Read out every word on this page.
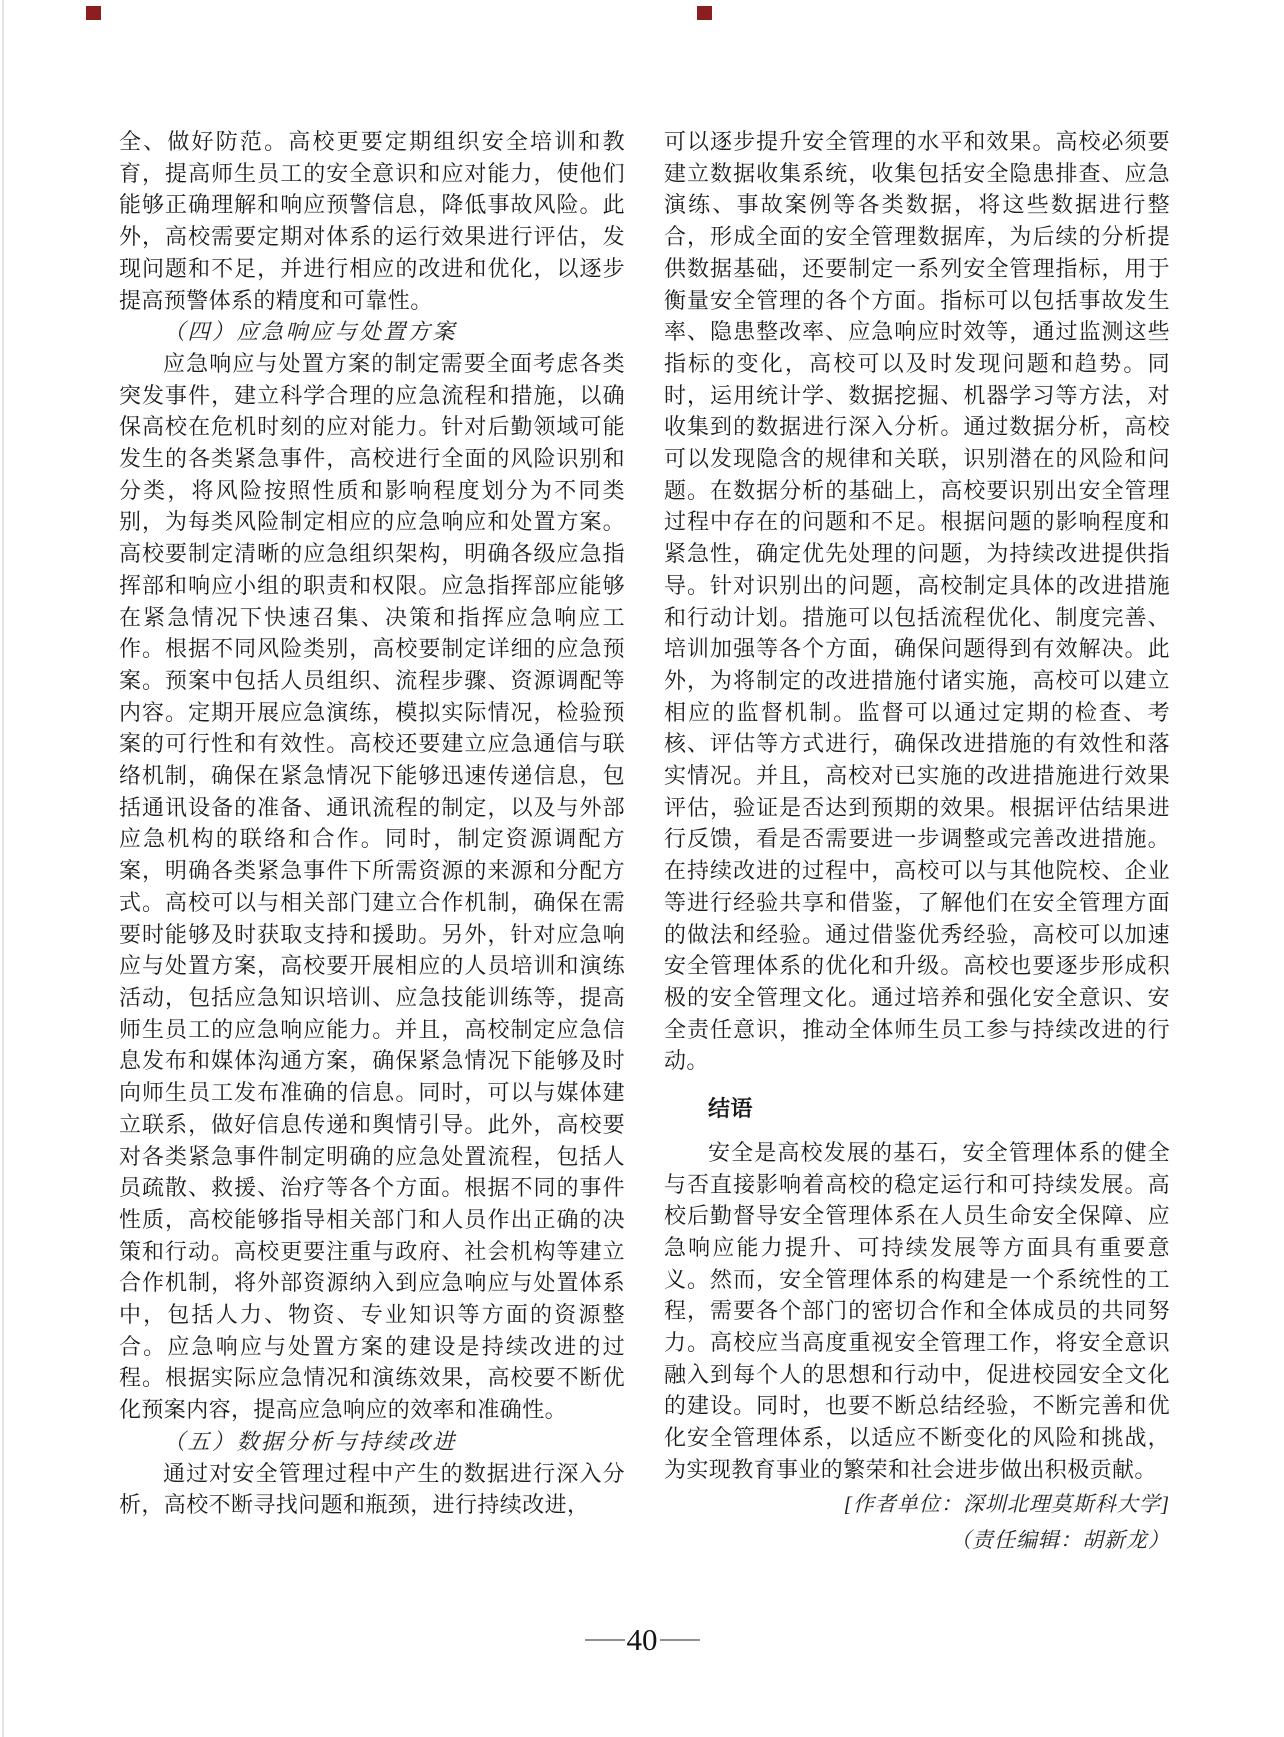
全、做好防范。高校更要定期组织安全培训和教育，提高师生员工的安全意识和应对能力，使他们能够正确理解和响应预警信息，降低事故风险。此外，高校需要定期对体系的运行效果进行评估，发现问题和不足，并进行相应的改进和优化，以逐步提高预警体系的精度和可靠性。

（四）应急响应与处置方案

应急响应与处置方案的制定需要全面考虑各类突发事件，建立科学合理的应急流程和措施，以确保高校在危机时刻的应对能力。针对后勤领域可能发生的各类紧急事件，高校进行全面的风险识别和分类，将风险按照性质和影响程度划分为不同类别，为每类风险制定相应的应急响应和处置方案。高校要制定清晰的应急组织架构，明确各级应急指挥部和响应小组的职责和权限。应急指挥部应能够在紧急情况下快速召集、决策和指挥应急响应工作。根据不同风险类别，高校要制定详细的应急预案。预案中包括人员组织、流程步骤、资源调配等内容。定期开展应急演练，模拟实际情况，检验预案的可行性和有效性。高校还要建立应急通信与联络机制，确保在紧急情况下能够迅速传递信息，包括通讯设备的准备、通讯流程的制定，以及与外部应急机构的联络和合作。同时，制定资源调配方案，明确各类紧急事件下所需资源的来源和分配方式。高校可以与相关部门建立合作机制，确保在需要时能够及时获取支持和援助。另外，针对应急响应与处置方案，高校要开展相应的人员培训和演练活动，包括应急知识培训、应急技能训练等，提高师生员工的应急响应能力。并且，高校制定应急信息发布和媒体沟通方案，确保紧急情况下能够及时向师生员工发布准确的信息。同时，可以与媒体建立联系，做好信息传递和舆情引导。此外，高校要对各类紧急事件制定明确的应急处置流程，包括人员疏散、救援、治疗等各个方面。根据不同的事件性质，高校能够指导相关部门和人员作出正确的决策和行动。高校更要注重与政府、社会机构等建立合作机制，将外部资源纳入到应急响应与处置体系中，包括人力、物资、专业知识等方面的资源整合。应急响应与处置方案的建设是持续改进的过程。根据实际应急情况和演练效果，高校要不断优化预案内容，提高应急响应的效率和准确性。

（五）数据分析与持续改进

通过对安全管理过程中产生的数据进行深入分析，高校不断寻找问题和瓶颈，进行持续改进，

可以逐步提升安全管理的水平和效果。高校必须要建立数据收集系统，收集包括安全隐患排查、应急演练、事故案例等各类数据，将这些数据进行整合，形成全面的安全管理数据库，为后续的分析提供数据基础，还要制定一系列安全管理指标，用于衡量安全管理的各个方面。指标可以包括事故发生率、隐患整改率、应急响应时效等，通过监测这些指标的变化，高校可以及时发现问题和趋势。同时，运用统计学、数据挖掘、机器学习等方法，对收集到的数据进行深入分析。通过数据分析，高校可以发现隐含的规律和关联，识别潜在的风险和问题。在数据分析的基础上，高校要识别出安全管理过程中存在的问题和不足。根据问题的影响程度和紧急性，确定优先处理的问题，为持续改进提供指导。针对识别出的问题，高校制定具体的改进措施和行动计划。措施可以包括流程优化、制度完善、培训加强等各个方面，确保问题得到有效解决。此外，为将制定的改进措施付诸实施，高校可以建立相应的监督机制。监督可以通过定期的检查、考核、评估等方式进行，确保改进措施的有效性和落实情况。并且，高校对已实施的改进措施进行效果评估，验证是否达到预期的效果。根据评估结果进行反馈，看是否需要进一步调整或完善改进措施。在持续改进的过程中，高校可以与其他院校、企业等进行经验共享和借鉴，了解他们在安全管理方面的做法和经验。通过借鉴优秀经验，高校可以加速安全管理体系的优化和升级。高校也要逐步形成积极的安全管理文化。通过培养和强化安全意识、安全责任意识，推动全体师生员工参与持续改进的行动。

结语

安全是高校发展的基石，安全管理体系的健全与否直接影响着高校的稳定运行和可持续发展。高校后勤督导安全管理体系在人员生命安全保障、应急响应能力提升、可持续发展等方面具有重要意义。然而，安全管理体系的构建是一个系统性的工程，需要各个部门的密切合作和全体成员的共同努力。高校应当高度重视安全管理工作，将安全意识融入到每个人的思想和行动中，促进校园安全文化的建设。同时，也要不断总结经验，不断完善和优化安全管理体系，以适应不断变化的风险和挑战，为实现教育事业的繁荣和社会进步做出积极贡献。

[作者单位：深圳北理莫斯科大学]

（责任编辑：胡新龙）

40
